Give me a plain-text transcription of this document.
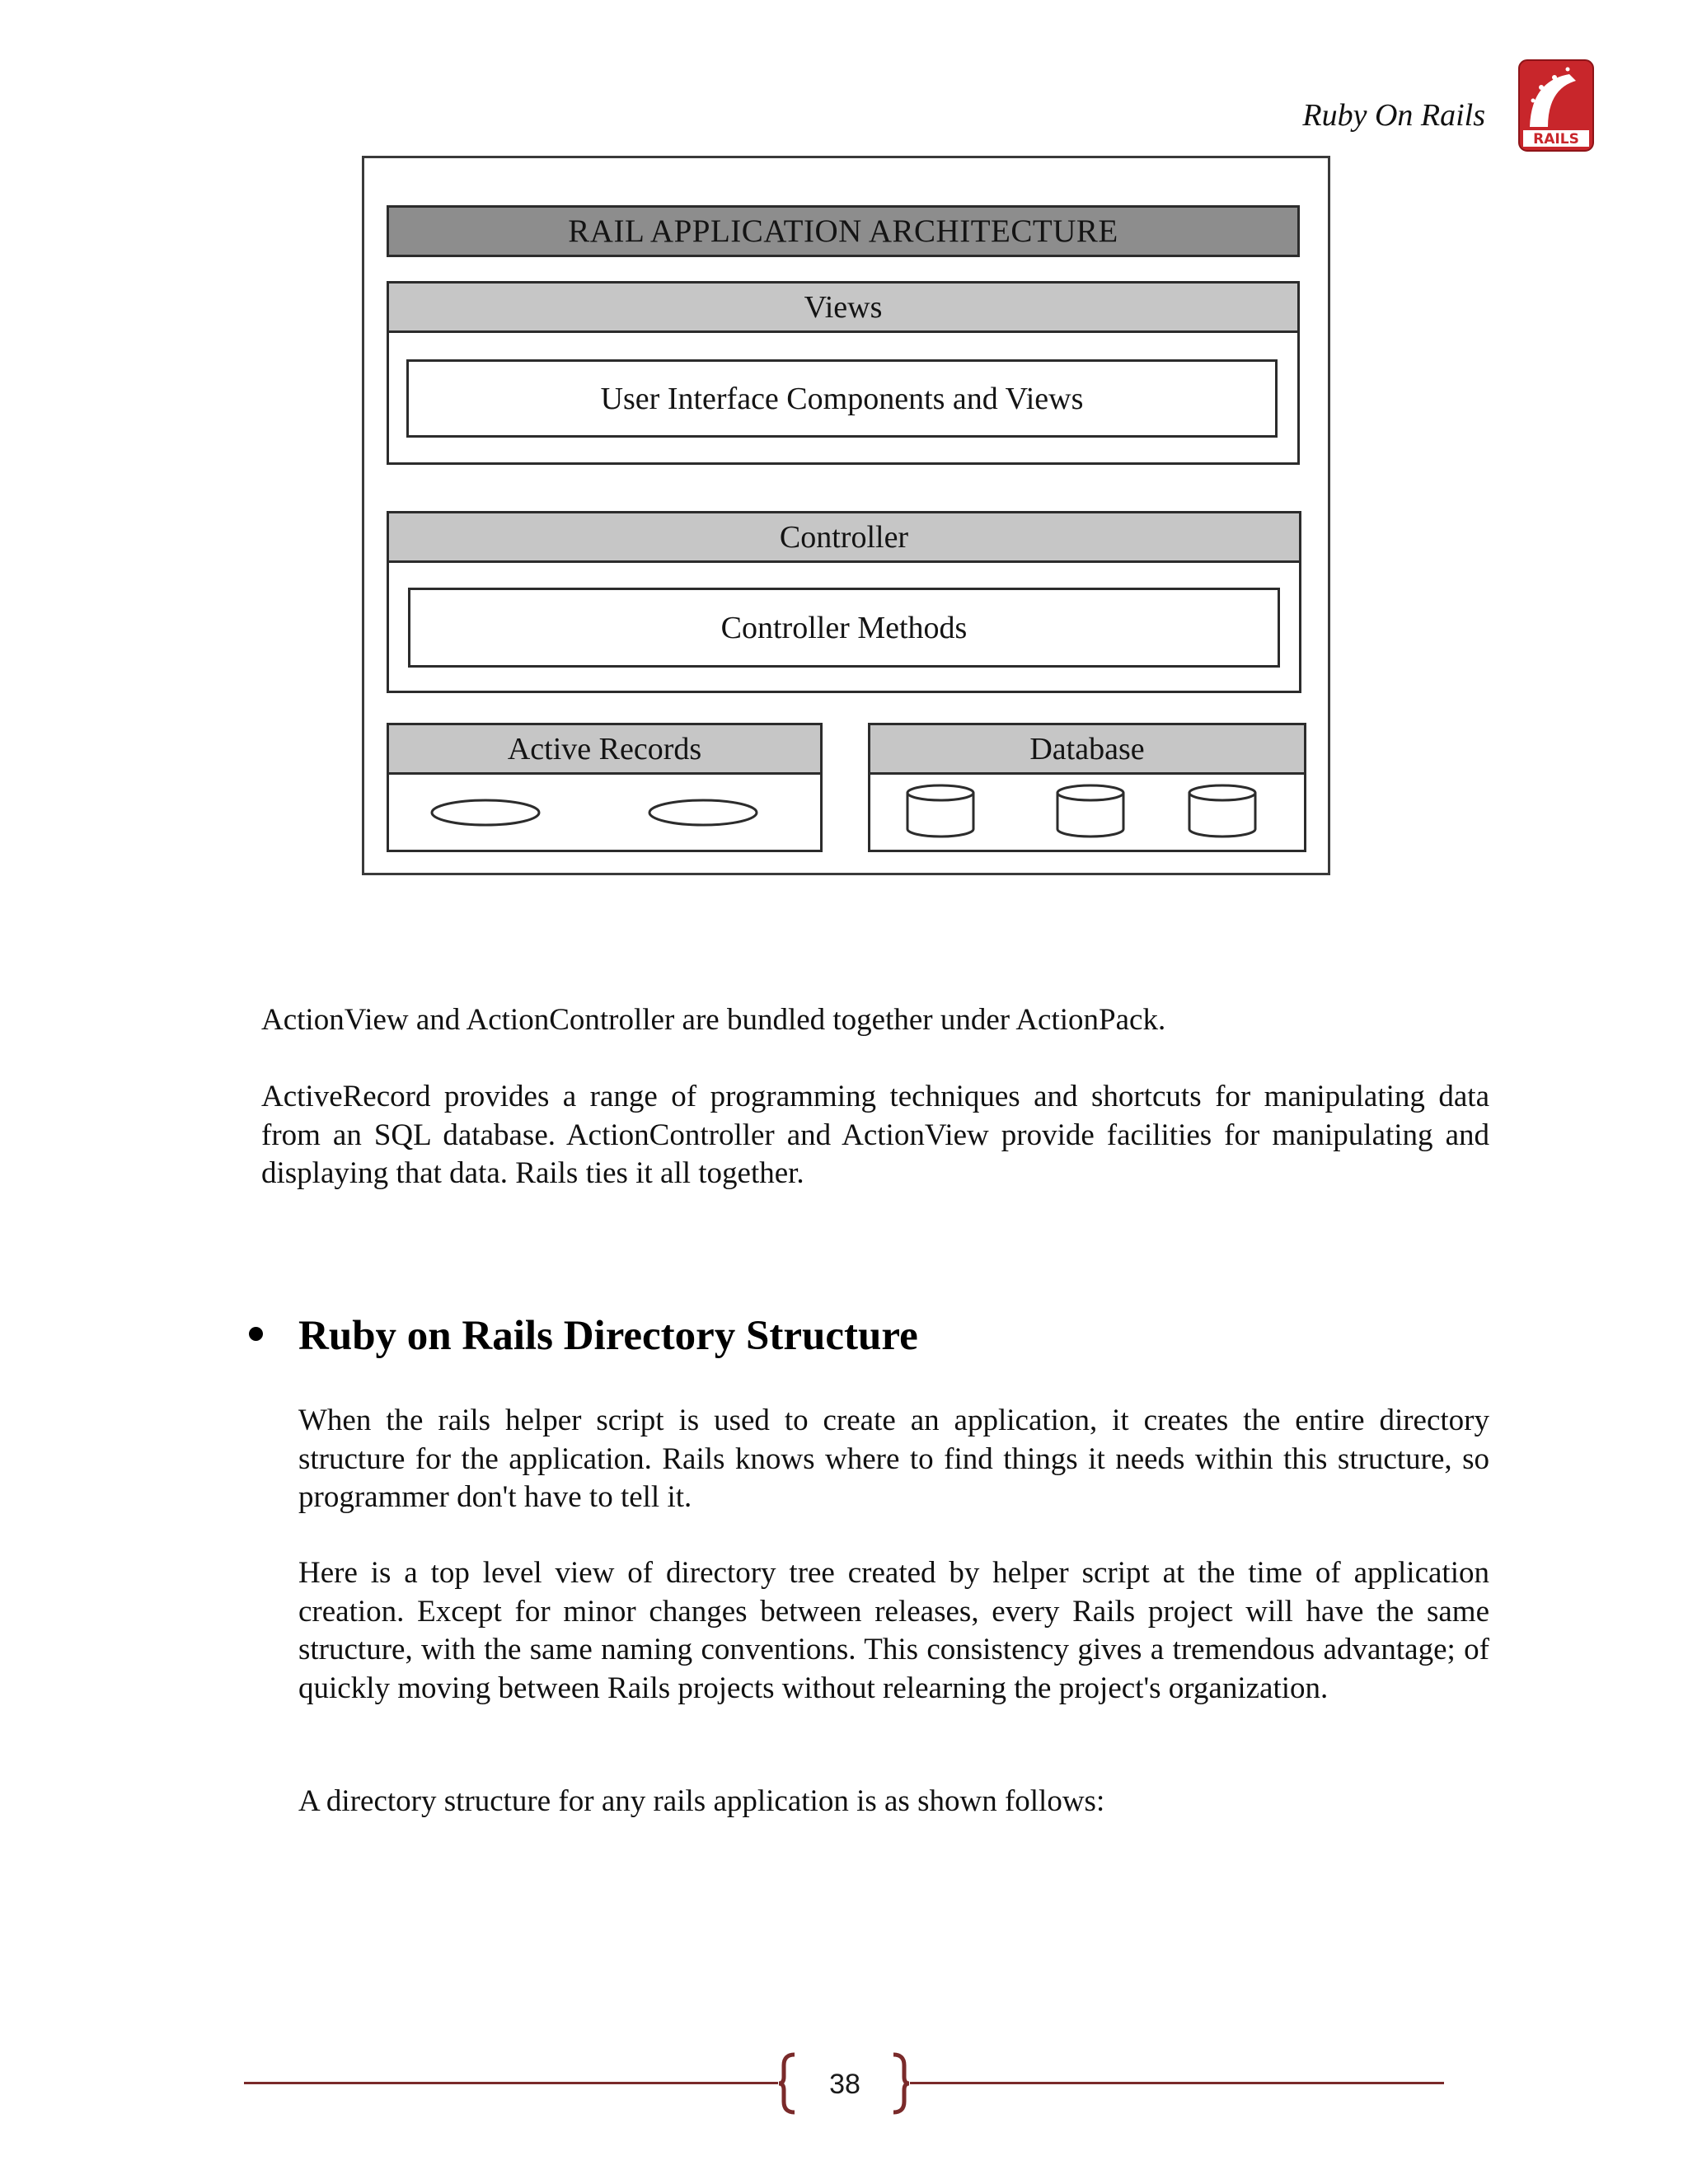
Ruby On Rails
RAILS
RAIL APPLICATION ARCHITECTURE
Views
User Interface Components and Views
Controller
Controller Methods
Active Records	Database
ActionView and ActionController are bundled together under ActionPack.
ActiveRecord provides a range of programming techniques and shortcuts for manipulating data from an SQL database. ActionController and ActionView provide facilities for manipulating and displaying that data. Rails ties it all together.
Ruby on Rails Directory Structure
When the rails helper script is used to create an application, it creates the entire directory structure for the application. Rails knows where to find things it needs within this structure, so programmer don't have to tell it.
Here is a top level view of directory tree created by helper script at the time of application creation. Except for minor changes between releases, every Rails project will have the same structure, with the same naming conventions. This consistency gives a tremendous advantage; of quickly moving between Rails projects without relearning the project's organization.
A directory structure for any rails application is as shown follows:
38
